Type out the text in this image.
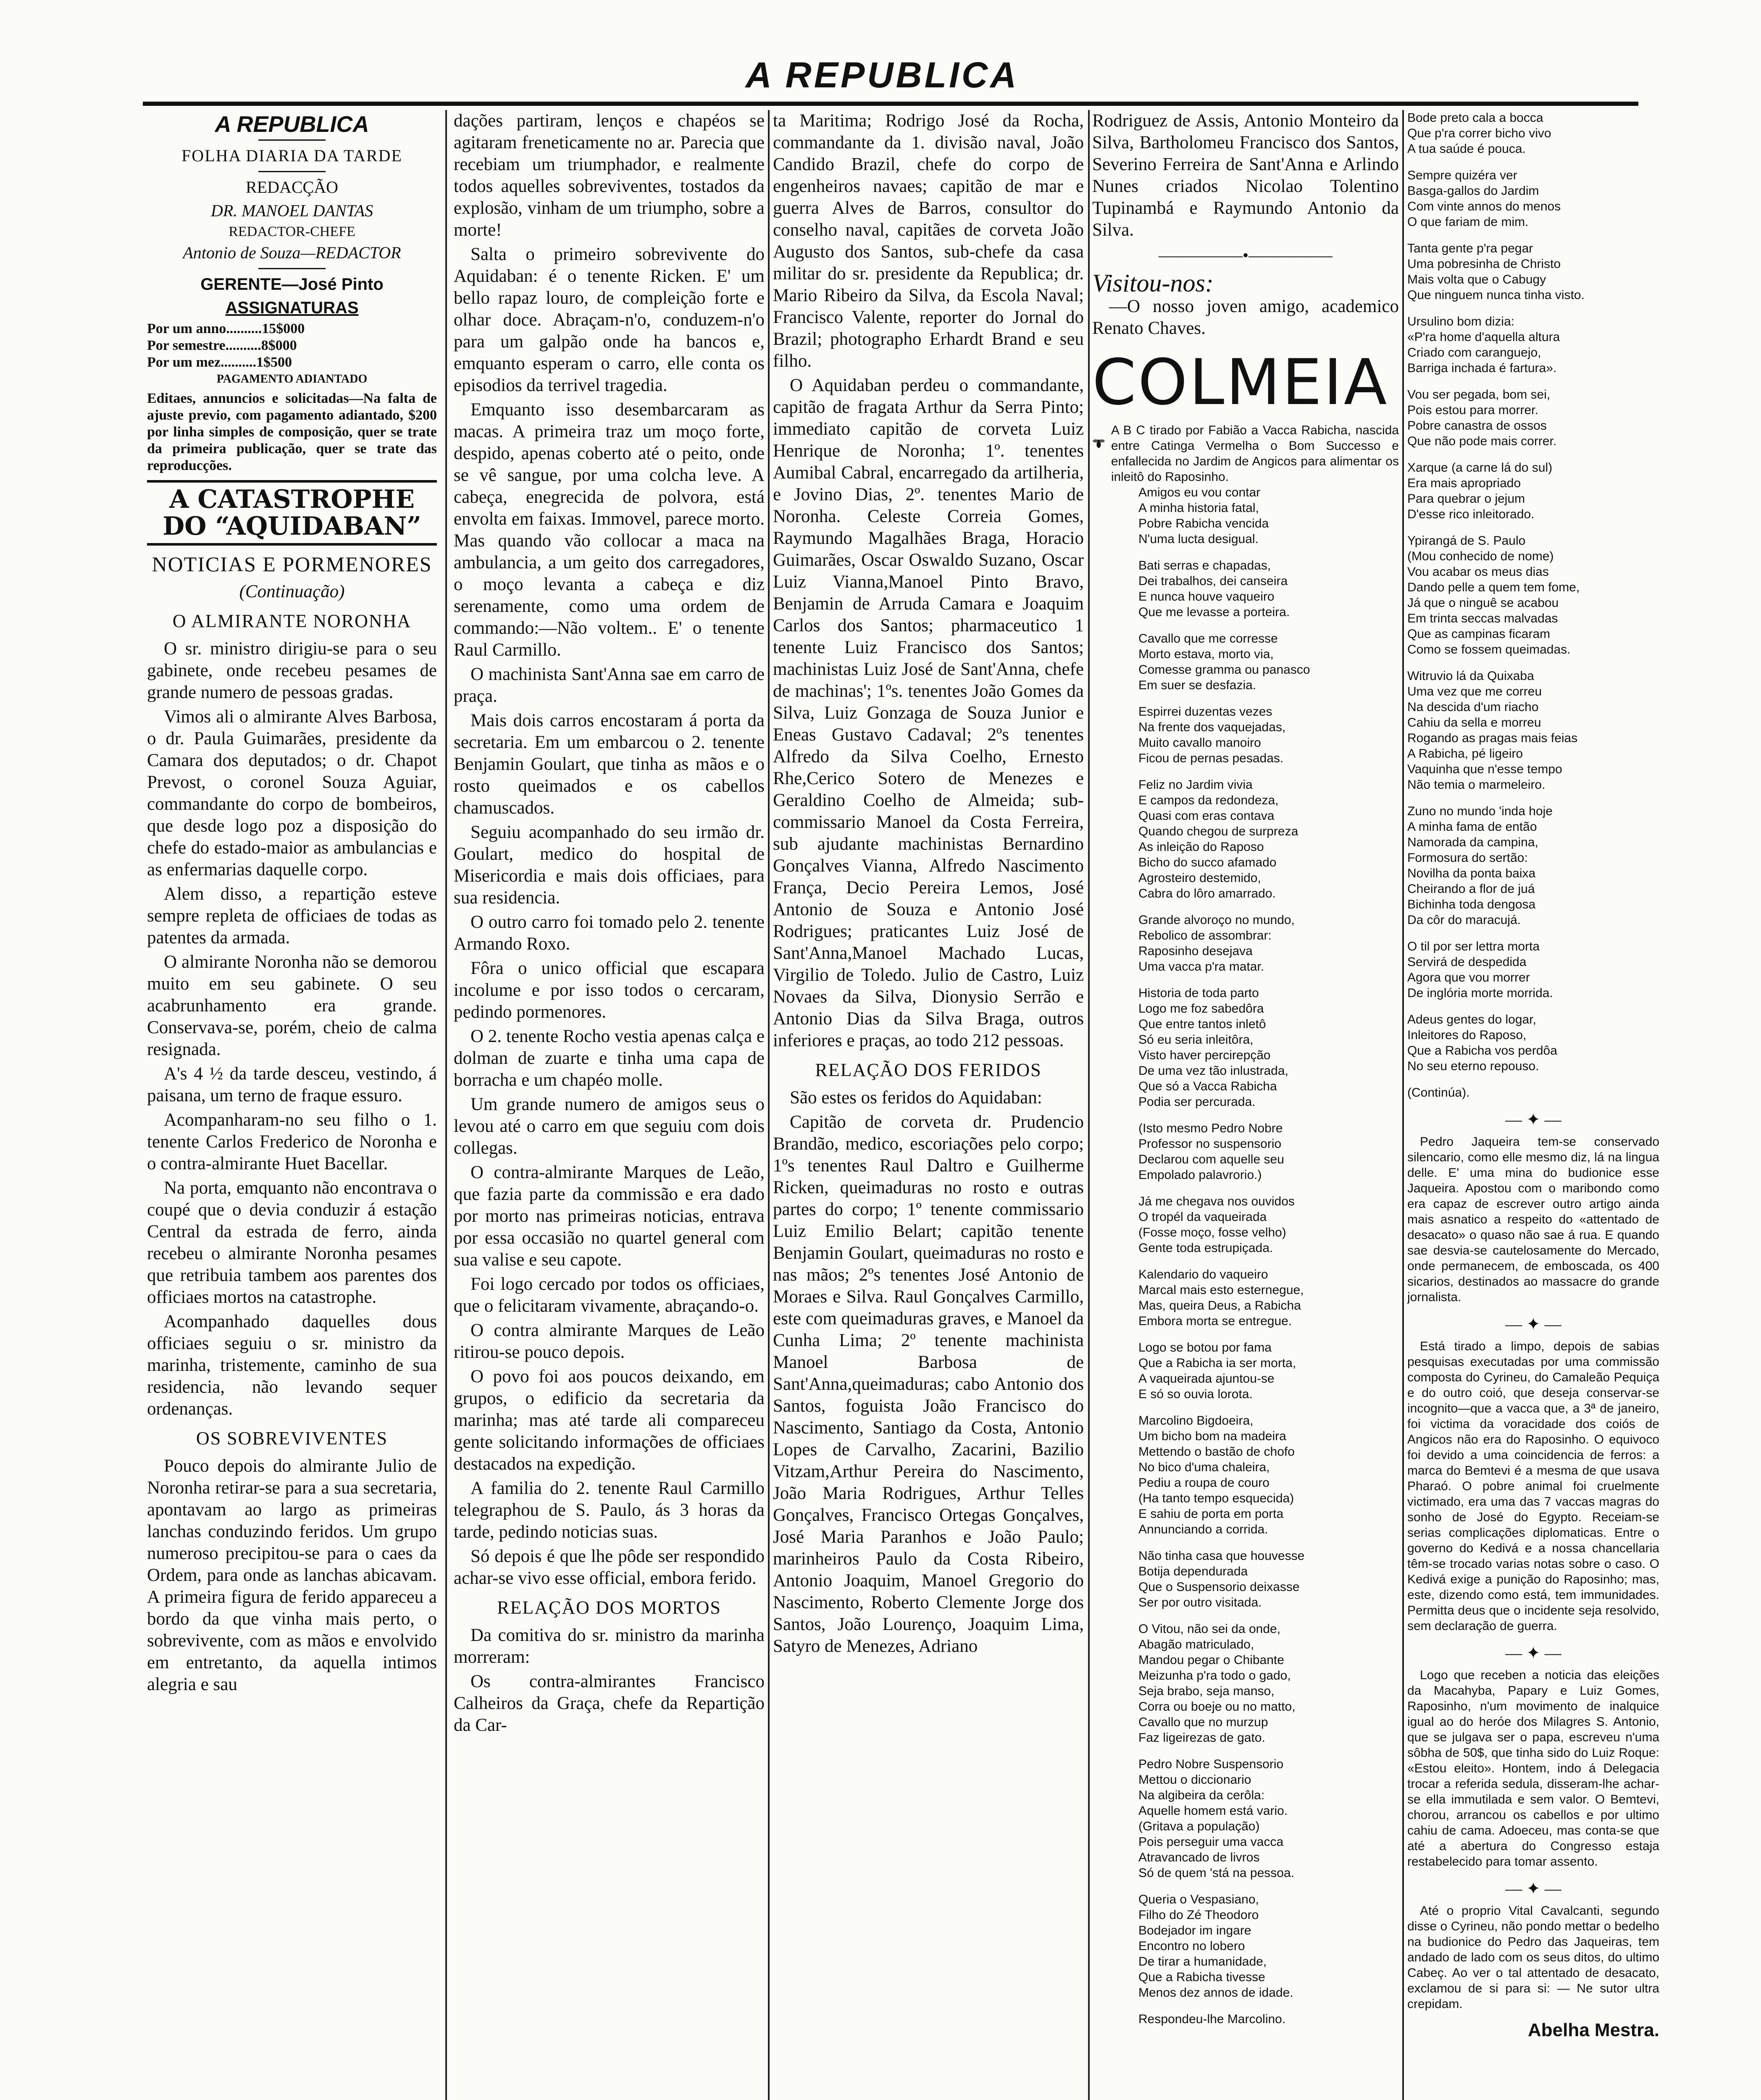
A REPUBLICA
A REPUBLICA
FOLHA DIARIA DA TARDE
REDACÇÃO
DR. MANOEL DANTAS
REDACTOR-CHEFE
Antonio de Souza—REDACTOR
GERENTE—José Pinto
ASSIGNATURAS
Por um anno..........15$000
Por semestre..........8$000
Por um mez..........1$500
PAGAMENTO ADIANTADO
Editaes, annuncios e solicitadas—Na falta de ajuste previo, com pagamento adiantado, $200 por linha simples de composição, quer se trate da primeira publicação, quer se trate das reproducções.
A CATASTROPHE DO “AQUIDABAN”
NOTICIAS E PORMENORES
(Continuação)
O ALMIRANTE NORONHA

O sr. ministro dirigiu-se para o seu gabinete, onde recebeu pesames de grande numero de pessoas gradas.

Vimos ali o almirante Alves Barbosa, o dr. Paula Guimarães, presidente da Camara dos deputados; o dr. Chapot Prevost, o coronel Souza Aguiar, commandante do corpo de bombeiros, que desde logo poz a disposição do chefe do estado-maior as ambulancias e as enfermarias daquelle corpo.

Alem disso, a repartição esteve sempre repleta de officiaes de todas as patentes da armada.

O almirante Noronha não se demorou muito em seu gabinete. O seu acabrunhamento era grande. Conservava-se, porém, cheio de calma resignada.

A's 4 ½ da tarde desceu, vestindo, á paisana, um terno de fraque essuro.

Acompanharam-no seu filho o 1. tenente Carlos Frederico de Noronha e o contra-almirante Huet Bacellar.

Na porta, emquanto não encontrava o coupé que o devia conduzir á estação Central da estrada de ferro, ainda recebeu o almirante Noronha pesames que retribuia tambem aos parentes dos officiaes mortos na catastrophe.

Acompanhado daquelles dous officiaes seguiu o sr. ministro da marinha, tristemente, caminho de sua residencia, não levando sequer ordenanças.

OS SOBREVIVENTES

Pouco depois do almirante Julio de Noronha retirar-se para a sua secretaria, apontavam ao largo as primeiras lanchas conduzindo feridos. Um grupo numeroso precipitou-se para o caes da Ordem, para onde as lanchas abicavam. A primeira figura de ferido appareceu a bordo da que vinha mais perto, o sobrevivente, com as mãos e envolvido em entretanto, da aquella intimos alegria e sau

dações partiram, lenços e chapéos se agitaram freneticamente no ar. Parecia que recebiam um triumphador, e realmente todos aquelles sobreviventes, tostados da explosão, vinham de um triumpho, sobre a morte!

Salta o primeiro sobrevivente do Aquidaban: é o tenente Ricken. E' um bello rapaz louro, de compleição forte e olhar doce. Abraçam-n'o, conduzem-n'o para um galpão onde ha bancos e, emquanto esperam o carro, elle conta os episodios da terrivel tragedia.

Emquanto isso desembarcaram as macas. A primeira traz um moço forte, despido, apenas coberto até o peito, onde se vê sangue, por uma colcha leve. A cabeça, enegrecida de polvora, está envolta em faixas. Immovel, parece morto. Mas quando vão collocar a maca na ambulancia, a um geito dos carregadores, o moço levanta a cabeça e diz serenamente, como uma ordem de commando:—Não voltem.. E' o tenente Raul Carmillo.

O machinista Sant'Anna sae em carro de praça.

Mais dois carros encostaram á porta da secretaria. Em um embarcou o 2. tenente Benjamin Goulart, que tinha as mãos e o rosto queimados e os cabellos chamuscados.

Seguiu acompanhado do seu irmão dr. Goulart, medico do hospital de Misericordia e mais dois officiaes, para sua residencia.

O outro carro foi tomado pelo 2. tenente Armando Roxo.

Fôra o unico official que escapara incolume e por isso todos o cercaram, pedindo pormenores.

O 2. tenente Rocho vestia apenas calça e dolman de zuarte e tinha uma capa de borracha e um chapéo molle.

Um grande numero de amigos seus o levou até o carro em que seguiu com dois collegas.

O contra-almirante Marques de Leão, que fazia parte da commissão e era dado por morto nas primeiras noticias, entrava por essa occasião no quartel general com sua valise e seu capote.

Foi logo cercado por todos os officiaes, que o felicitaram vivamente, abraçando-o.

O contra almirante Marques de Leão ritirou-se pouco depois.

O povo foi aos poucos deixando, em grupos, o edificio da secretaria da marinha; mas até tarde ali compareceu gente solicitando informações de officiaes destacados na expedição.

A familia do 2. tenente Raul Carmillo telegraphou de S. Paulo, ás 3 horas da tarde, pedindo noticias suas.

Só depois é que lhe pôde ser respondido achar-se vivo esse official, embora ferido.

RELAÇÃO DOS MORTOS

Da comitiva do sr. ministro da marinha morreram:

Os contra-almirantes Francisco Calheiros da Graça, chefe da Repartição da Car-

ta Maritima; Rodrigo José da Rocha, commandante da 1. divisão naval, João Candido Brazil, chefe do corpo de engenheiros navaes; capitão de mar e guerra Alves de Barros, consultor do conselho naval, capitães de corveta João Augusto dos Santos, sub-chefe da casa militar do sr. presidente da Republica; dr. Mario Ribeiro da Silva, da Escola Naval; Francisco Valente, reporter do Jornal do Brazil; photographo Erhardt Brand e seu filho.

O Aquidaban perdeu o commandante, capitão de fragata Arthur da Serra Pinto; immediato capitão de corveta Luiz Henrique de Noronha; 1º. tenentes Aumibal Cabral, encarregado da artilheria, e Jovino Dias, 2º. tenentes Mario de Noronha. Celeste Correia Gomes, Raymundo Magalhães Braga, Horacio Guimarães, Oscar Oswaldo Suzano, Oscar Luiz Vianna,Manoel Pinto Bravo, Benjamin de Arruda Camara e Joaquim Carlos dos Santos; pharmaceutico 1 tenente Luiz Francisco dos Santos; machinistas Luiz José de Sant'Anna, chefe de machinas'; 1ºs. tenentes João Gomes da Silva, Luiz Gonzaga de Souza Junior e Eneas Gustavo Cadaval; 2ºs tenentes Alfredo da Silva Coelho, Ernesto Rhe,Cerico Sotero de Menezes e Geraldino Coelho de Almeida; sub-commissario Manoel da Costa Ferreira, sub ajudante machinistas Bernardino Gonçalves Vianna, Alfredo Nascimento França, Decio Pereira Lemos, José Antonio de Souza e Antonio José Rodrigues; praticantes Luiz José de Sant'Anna,Manoel Machado Lucas, Virgilio de Toledo. Julio de Castro, Luiz Novaes da Silva, Dionysio Serrão e Antonio Dias da Silva Braga, outros inferiores e praças, ao todo 212 pessoas.

RELAÇÃO DOS FERIDOS

São estes os feridos do Aquidaban:

Capitão de corveta dr. Prudencio Brandão, medico, escoriações pelo corpo; 1ºs tenentes Raul Daltro e Guilherme Ricken, queimaduras no rosto e outras partes do corpo; 1º tenente commissario Luiz Emilio Belart; capitão tenente Benjamin Goulart, queimaduras no rosto e nas mãos; 2ºs tenentes José Antonio de Moraes e Silva. Raul Gonçalves Carmillo, este com queimaduras graves, e Manoel da Cunha Lima; 2º tenente machinista Manoel Barbosa de Sant'Anna,queimaduras; cabo Antonio dos Santos, foguista João Francisco do Nascimento, Santiago da Costa, Antonio Lopes de Carvalho, Zacarini, Bazilio Vitzam,Arthur Pereira do Nascimento, João Maria Rodrigues, Arthur Telles Gonçalves, Francisco Ortegas Gonçalves, José Maria Paranhos e João Paulo; marinheiros Paulo da Costa Ribeiro, Antonio Joaquim, Manoel Gregorio do Nascimento, Roberto Clemente Jorge dos Santos, João Lourenço, Joaquim Lima, Satyro de Menezes, Adriano

Rodriguez de Assis, Antonio Monteiro da Silva, Bartholomeu Francisco dos Santos, Severino Ferreira de Sant'Anna e Arlindo Nunes criados Nicolao Tolentino Tupinambá e Raymundo Antonio da Silva.

—————•—————
Visitou-nos:

—O nosso joven amigo, academico Renato Chaves.

COLMEIA
A B C tirado por Fabião a Vacca Rabicha, nascida entre Catinga Vermelha o Bom Successo e enfallecida no Jardim de Angicos para alimentar os inleitô do Raposinho.
Amigos eu vou contar
A minha historia fatal,
Pobre Rabicha vencida
N'uma lucta desigual.
Bati serras e chapadas,
Dei trabalhos, dei canseira
E nunca houve vaqueiro
Que me levasse a porteira.
Cavallo que me corresse
Morto estava, morto via,
Comesse gramma ou panasco
Em suer se desfazia.
Espirrei duzentas vezes
Na frente dos vaquejadas,
Muito cavallo manoiro
Ficou de pernas pesadas.
Feliz no Jardim vivia
E campos da redondeza,
Quasi com eras contava
Quando chegou de surpreza
As inleição do Raposo
Bicho do succo afamado
Agrosteiro destemido,
Cabra do lôro amarrado.
Grande alvoroço no mundo,
Rebolico de assombrar:
Raposinho desejava
Uma vacca p'ra matar.
Historia de toda parto
Logo me foz sabedôra
Que entre tantos inletô
Só eu seria inleitôra,
Visto haver percirepção
De uma vez tão inlustrada,
Que só a Vacca Rabicha
Podia ser percurada.
(Isto mesmo Pedro Nobre
Professor no suspensorio
Declarou com aquelle seu
Empolado palavrorio.)
Já me chegava nos ouvidos
O tropél da vaqueirada
(Fosse moço, fosse velho)
Gente toda estrupiçada.
Kalendario do vaqueiro
Marcal mais esto esternegue,
Mas, queira Deus, a Rabicha
Embora morta se entregue.
Logo se botou por fama
Que a Rabicha ia ser morta,
A vaqueirada ajuntou-se
E só so ouvia lorota.
Marcolino Bigdoeira,
Um bicho bom na madeira
Mettendo o bastão de chofo
No bico d'uma chaleira,
Pediu a roupa de couro
(Ha tanto tempo esquecida)
E sahiu de porta em porta
Annunciando a corrida.
Não tinha casa que houvesse
Botija dependurada
Que o Suspensorio deixasse
Ser por outro visitada.
O Vitou, não sei da onde,
Abagão matriculado,
Mandou pegar o Chibante
Meizunha p'ra todo o gado,
Seja brabo, seja manso,
Corra ou boeje ou no matto,
Cavallo que no murzup
Faz ligeirezas de gato.
Pedro Nobre Suspensorio
Mettou o diccionario
Na algibeira da cerôla:
Aquelle homem está vario.
(Gritava a população)
Pois perseguir uma vacca
Atravancado de livros
Só de quem 'stá na pessoa.
Queria o Vespasiano,
Filho do Zé Theodoro
Bodejador im ingare
Encontro no lobero
De tirar a humanidade,
Que a Rabicha tivesse
Menos dez annos de idade.
Respondeu-lhe Marcolino.
Bode preto cala a bocca
Que p'ra correr bicho vivo
A tua saúde é pouca.
Sempre quizéra ver
Basga-gallos do Jardim
Com vinte annos do menos
O que fariam de mim.
Tanta gente p'ra pegar
Uma pobresinha de Christo
Mais volta que o Cabugy
Que ninguem nunca tinha visto.
Ursulino bom dizia:
«P'ra home d'aquella altura
Criado com caranguejo,
Barriga inchada é fartura».
Vou ser pegada, bom sei,
Pois estou para morrer.
Pobre canastra de ossos
Que não pode mais correr.
Xarque (a carne lá do sul)
Era mais apropriado
Para quebrar o jejum
D'esse rico inleitorado.
Ypirangá de S. Paulo
(Mou conhecido de nome)
Vou acabar os meus dias
Dando pelle a quem tem fome,
Já que o ninguê se acabou
Em trinta seccas malvadas
Que as campinas ficaram
Como se fossem queimadas.
Witruvio lá da Quixaba
Uma vez que me correu
Na descida d'um riacho
Cahiu da sella e morreu
Rogando as pragas mais feias
A Rabicha, pé ligeiro
Vaquinha que n'esse tempo
Não temia o marmeleiro.
Zuno no mundo 'inda hoje
A minha fama de então
Namorada da campina,
Formosura do sertão:
Novilha da ponta baixa
Cheirando a flor de juá
Bichinha toda dengosa
Da côr do maracujá.
O til por ser lettra morta
Servirá de despedida
Agora que vou morrer
De inglória morte morrida.
Adeus gentes do logar,
Inleitores do Raposo,
Que a Rabicha vos perdôa
No seu eterno repouso.
(Continúa).
— ✦ —
Pedro Jaqueira tem-se conservado silencario, como elle mesmo diz, lá na lingua delle. E' uma mina do budionice esse Jaqueira. Apostou com o maribondo como era capaz de escrever outro artigo ainda mais asnatico a respeito do «attentado de desacato» o quaso não sae á rua. E quando sae desvia-se cautelosamente do Mercado, onde permanecem, de emboscada, os 400 sicarios, destinados ao massacre do grande jornalista.
— ✦ —
Está tirado a limpo, depois de sabias pesquisas executadas por uma commissão composta do Cyrineu, do Camaleão Pequiça e do outro coió, que deseja conservar-se incognito—que a vacca que, a 3ª de janeiro, foi victima da voracidade dos coiós de Angicos não era do Raposinho. O equivoco foi devido a uma coincidencia de ferros: a marca do Bemtevi é a mesma de que usava Pharaó. O pobre animal foi cruelmente victimado, era uma das 7 vaccas magras do sonho de José do Egypto. Receiam-se serias complicações diplomaticas. Entre o governo do Kedivá e a nossa chancellaria têm-se trocado varias notas sobre o caso. O Kedivá exige a punição do Raposinho; mas, este, dizendo como está, tem immunidades. Permitta deus que o incidente seja resolvido, sem declaração de guerra.
— ✦ —
Logo que receben a noticia das eleições da Macahyba, Papary e Luiz Gomes, Raposinho, n'um movimento de inalquice igual ao do heróe dos Milagres S. Antonio, que se julgava ser o papa, escreveu n'uma sôbha de 50$, que tinha sido do Luiz Roque: «Estou eleito». Hontem, indo á Delegacia trocar a referida sedula, disseram-lhe achar-se ella immutilada e sem valor. O Bemtevi, chorou, arrancou os cabellos e por ultimo cahiu de cama. Adoeceu, mas conta-se que até a abertura do Congresso estaja restabelecido para tomar assento.
— ✦ —
Até o proprio Vital Cavalcanti, segundo disse o Cyrineu, não pondo mettar o bedelho na budionice do Pedro das Jaqueiras, tem andado de lado com os seus ditos, do ultimo Cabeç. Ao ver o tal attentado de desacato, exclamou de si para si: — Ne sutor ultra crepidam.
Abelha Mestra.
